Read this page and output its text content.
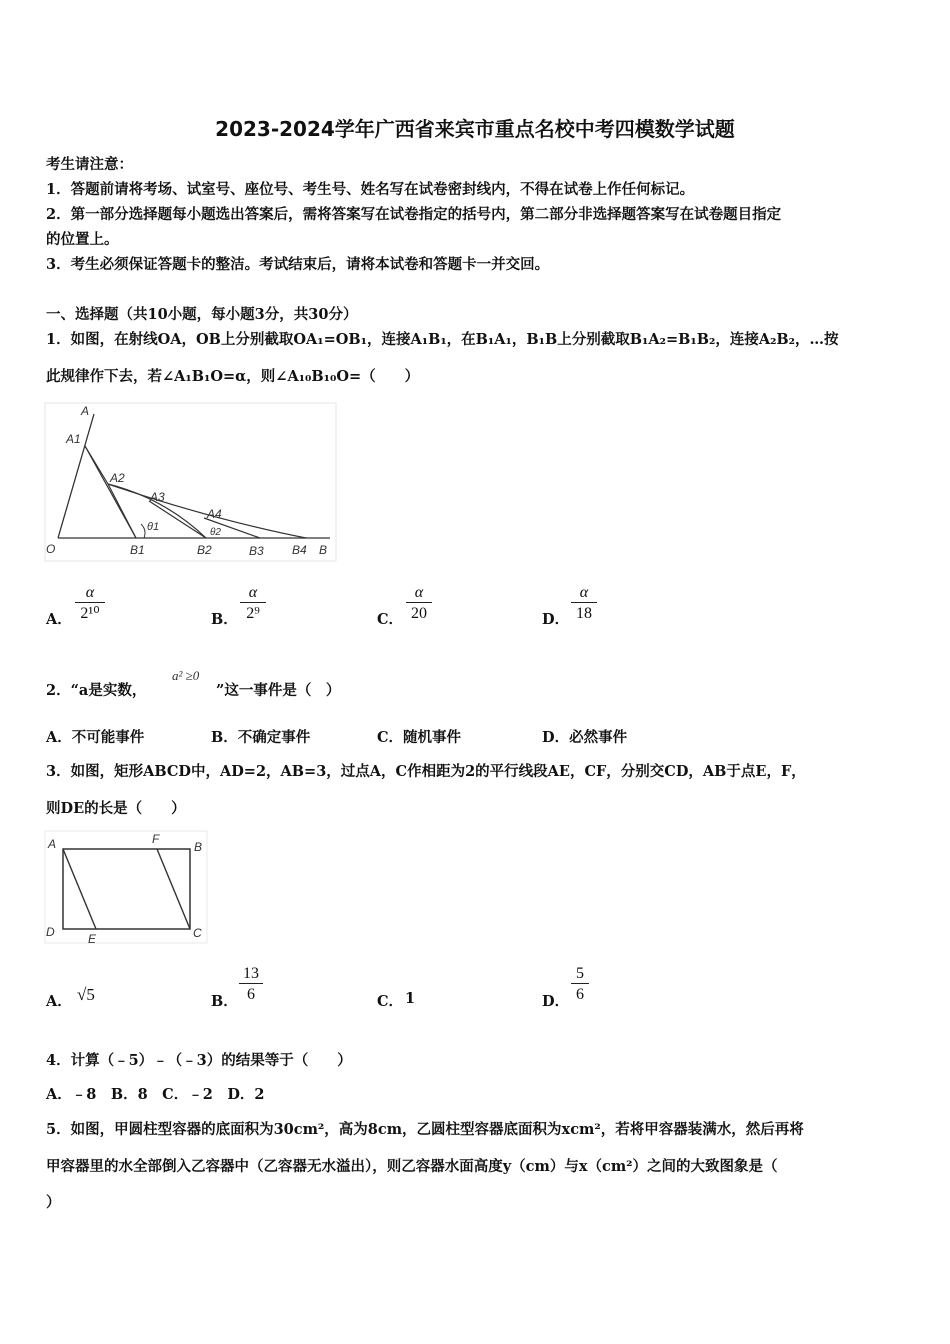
2023-2024学年广西省来宾市重点名校中考四模数学试题
考生请注意：
1．答题前请将考场、试室号、座位号、考生号、姓名写在试卷密封线内，不得在试卷上作任何标记。
2．第一部分选择题每小题选出答案后，需将答案写在试卷指定的括号内，第二部分非选择题答案写在试卷题目指定
的位置上。
3．考生必须保证答题卡的整洁。考试结束后，请将本试卷和答题卡一并交回。
一、选择题（共10小题，每小题3分，共30分）
1．如图，在射线OA，OB上分别截取OA₁=OB₁，连接A₁B₁，在B₁A₁，B₁B上分别截取B₁A₂=B₁B₂，连接A₂B₂，…按
此规律作下去，若∠A₁B₁O=α，则∠A₁₀B₁₀O=（　　）
A
A1
A2
A3
A4
O	B1	B2	B3 B4 B
θ1	θ2
A． $\frac{\alpha}{\text{2¹⁰}}$	B． $\frac{\alpha}{\text{2⁹}}$	C． $\frac{\alpha}{20}$	D． $\frac{\alpha}{18}$
2．“a是实数，
a² ≥0
”这一事件是（　）
A．不可能事件	B．不确定事件	C．随机事件	D．必然事件
3．如图，矩形ABCD中，AD=2，AB=3，过点A，C作相距为2的平行线段AE，CF，分别交CD，AB于点E，F，
则DE的长是（　　）
A	F
B
D	E	C
A． √5	B． $\frac{13}{6}$	C． 1	D． $\frac{5}{6}$
4．计算（﹣5）﹣（﹣3）的结果等于（　　）
A．﹣8　B．8　C．﹣2　D．2
5．如图，甲圆柱型容器的底面积为30cm²，高为8cm，乙圆柱型容器底面积为xcm²，若将甲容器装满水，然后再将
甲容器里的水全部倒入乙容器中（乙容器无水溢出），则乙容器水面高度y（cm）与x（cm²）之间的大致图象是（
）
